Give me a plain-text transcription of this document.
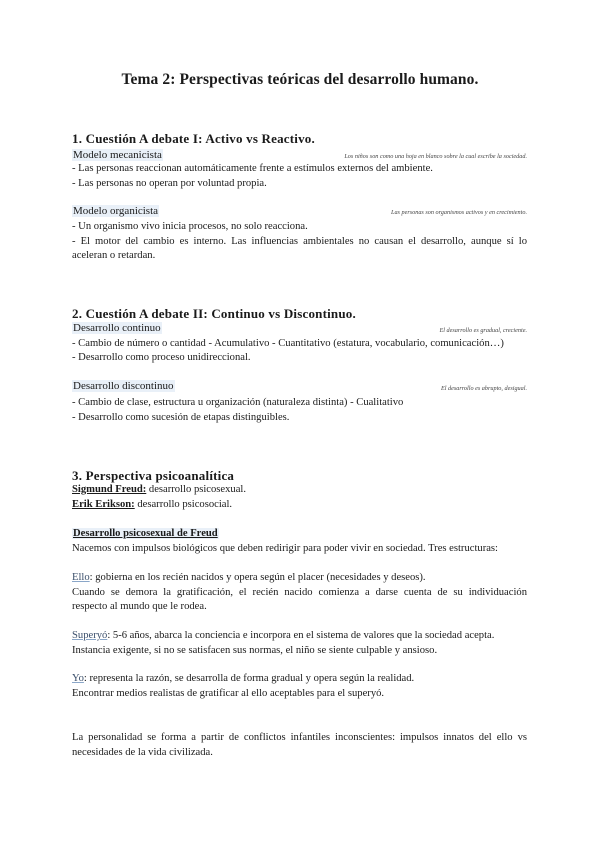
Tema 2: Perspectivas teóricas del desarrollo humano.
1. Cuestión A debate I: Activo vs Reactivo.
Modelo mecanicista	Los niños son como una hoja en blanco sobre la cual escribe la sociedad.
- Las personas reaccionan automáticamente frente a estímulos externos del ambiente.
- Las personas no operan por voluntad propia.
Modelo organicista	Las personas son organismos activos y en crecimiento.
- Un organismo vivo inicia procesos, no solo reacciona.
- El motor del cambio es interno. Las influencias ambientales no causan el desarrollo, aunque sí lo
aceleran o retardan.
2. Cuestión A debate II: Continuo vs Discontinuo.
Desarrollo continuo	El desarrollo es gradual, creciente.
- Cambio de número o cantidad - Acumulativo - Cuantitativo (estatura, vocabulario, comunicación…)
- Desarrollo como proceso unidireccional.
Desarrollo discontinuo	El desarrollo es abrupto, desigual.
- Cambio de clase, estructura u organización (naturaleza distinta) - Cualitativo
- Desarrollo como sucesión de etapas distinguibles.
3. Perspectiva psicoanalítica
Sigmund Freud: desarrollo psicosexual.
Erik Erikson: desarrollo psicosocial.
Desarrollo psicosexual de Freud
Nacemos con impulsos biológicos que deben redirigir para poder vivir en sociedad. Tres estructuras:
Ello: gobierna en los recién nacidos y opera según el placer (necesidades y deseos).
Cuando se demora la gratificación, el recién nacido comienza a darse cuenta de su individuación
respecto al mundo que le rodea.
Superyó: 5-6 años, abarca la conciencia e incorpora en el sistema de valores que la sociedad acepta.
Instancia exigente, si no se satisfacen sus normas, el niño se siente culpable y ansioso.
Yo: representa la razón, se desarrolla de forma gradual y opera según la realidad.
Encontrar medios realistas de gratificar al ello aceptables para el superyó.
La personalidad se forma a partir de conflictos infantiles inconscientes: impulsos innatos del ello vs
necesidades de la vida civilizada.
